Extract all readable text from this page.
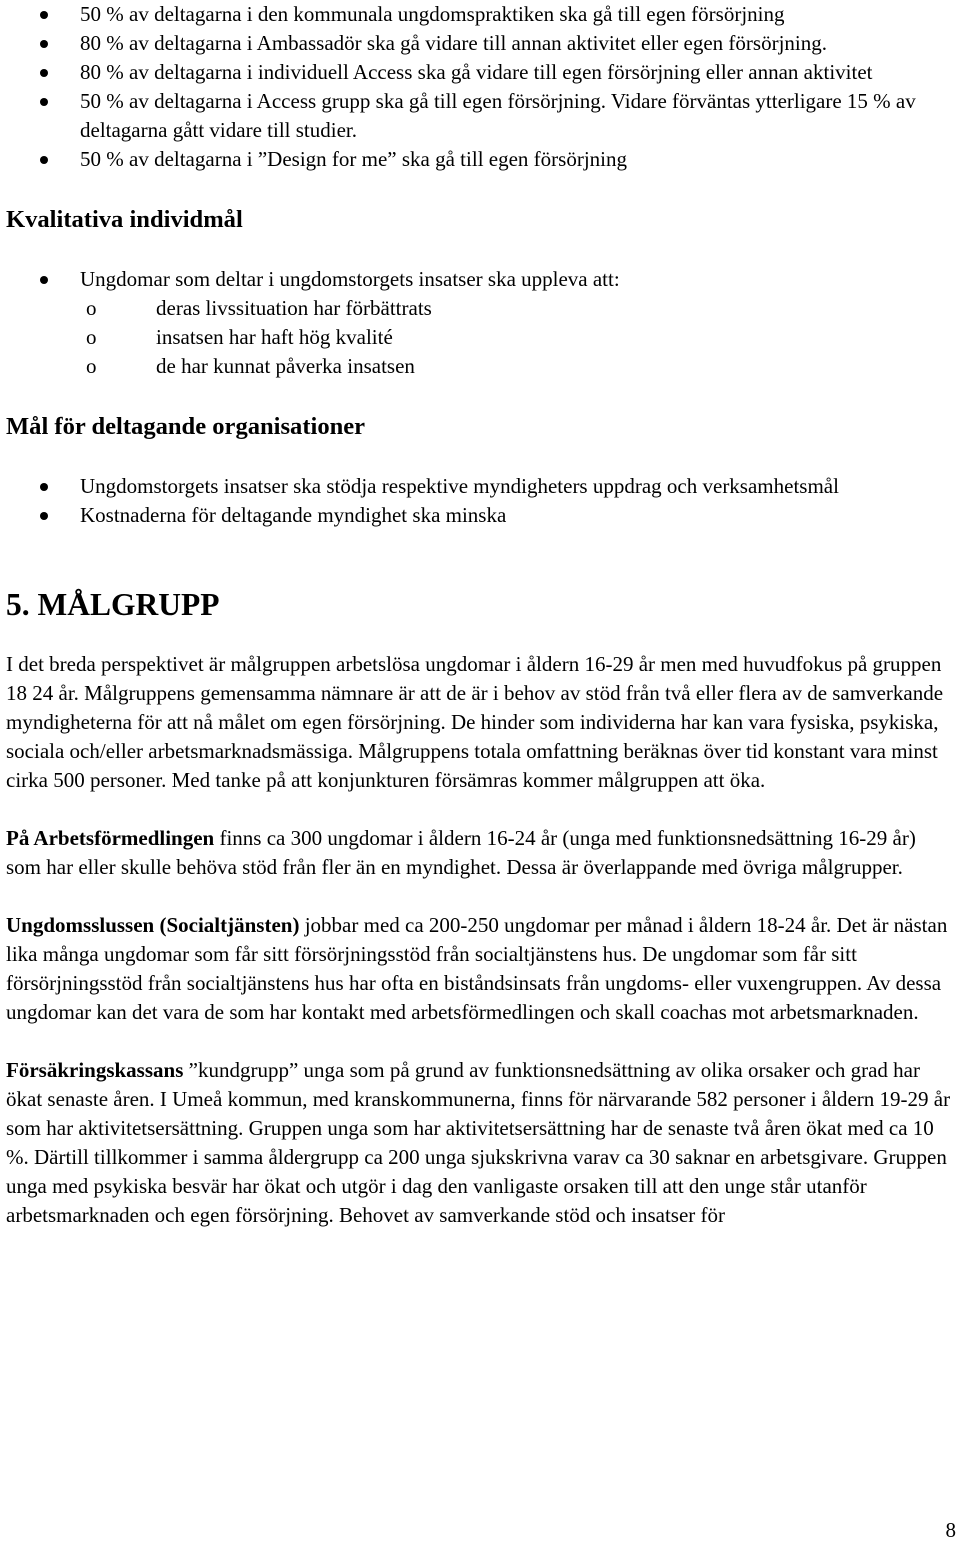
50 % av deltagarna i den kommunala ungdomspraktiken ska gå till egen försörjning
80 % av deltagarna i Ambassadör ska gå vidare till annan aktivitet eller egen försörjning.
80 % av deltagarna i individuell Access ska gå vidare till egen försörjning eller annan aktivitet
50 % av deltagarna i Access grupp ska gå till egen försörjning. Vidare förväntas ytterligare 15 % av deltagarna gått vidare till studier.
50 % av deltagarna i ”Design for me” ska gå till egen försörjning
Kvalitativa individmål
Ungdomar som deltar i ungdomstorgets insatser ska uppleva att:
o deras livssituation har förbättrats
o insatsen har haft hög kvalité
o de har kunnat påverka insatsen
Mål för deltagande organisationer
Ungdomstorgets insatser ska stödja respektive myndigheters uppdrag och verksamhetsmål
Kostnaderna för deltagande myndighet ska minska
5. MÅLGRUPP

I det breda perspektivet är målgruppen arbetslösa ungdomar i åldern 16-29 år men med huvudfokus på gruppen 18 24 år. Målgruppens gemensamma nämnare är att de är i behov av stöd från två eller flera av de samverkande myndigheterna för att nå målet om egen försörjning. De hinder som individerna har kan vara fysiska, psykiska, sociala och/eller arbetsmarknadsmässiga. Målgruppens totala omfattning beräknas över tid konstant vara minst cirka 500 personer. Med tanke på att konjunkturen försämras kommer målgruppen att öka.

På Arbetsförmedlingen finns ca 300 ungdomar i åldern 16-24 år (unga med funktionsnedsättning 16-29 år) som har eller skulle behöva stöd från fler än en myndighet. Dessa är överlappande med övriga målgrupper.

Ungdomsslussen (Socialtjänsten) jobbar med ca 200-250 ungdomar per månad i åldern 18-24 år. Det är nästan lika många ungdomar som får sitt försörjningsstöd från socialtjänstens hus. De ungdomar som får sitt försörjningsstöd från socialtjänstens hus har ofta en biståndsinsats från ungdoms- eller vuxengruppen. Av dessa ungdomar kan det vara de som har kontakt med arbetsförmedlingen och skall coachas mot arbetsmarknaden.

Försäkringskassans ”kundgrupp” unga som på grund av funktionsnedsättning av olika orsaker och grad har ökat senaste åren. I Umeå kommun, med kranskommunerna, finns för närvarande 582 personer i åldern 19-29 år som har aktivitetsersättning. Gruppen unga som har aktivitetsersättning har de senaste två åren ökat med ca 10 %. Därtill tillkommer i samma åldergrupp ca 200 unga sjukskrivna varav ca 30 saknar en arbetsgivare. Gruppen unga med psykiska besvär har ökat och utgör i dag den vanligaste orsaken till att den unge står utanför arbetsmarknaden och egen försörjning. Behovet av samverkande stöd och insatser för

8
